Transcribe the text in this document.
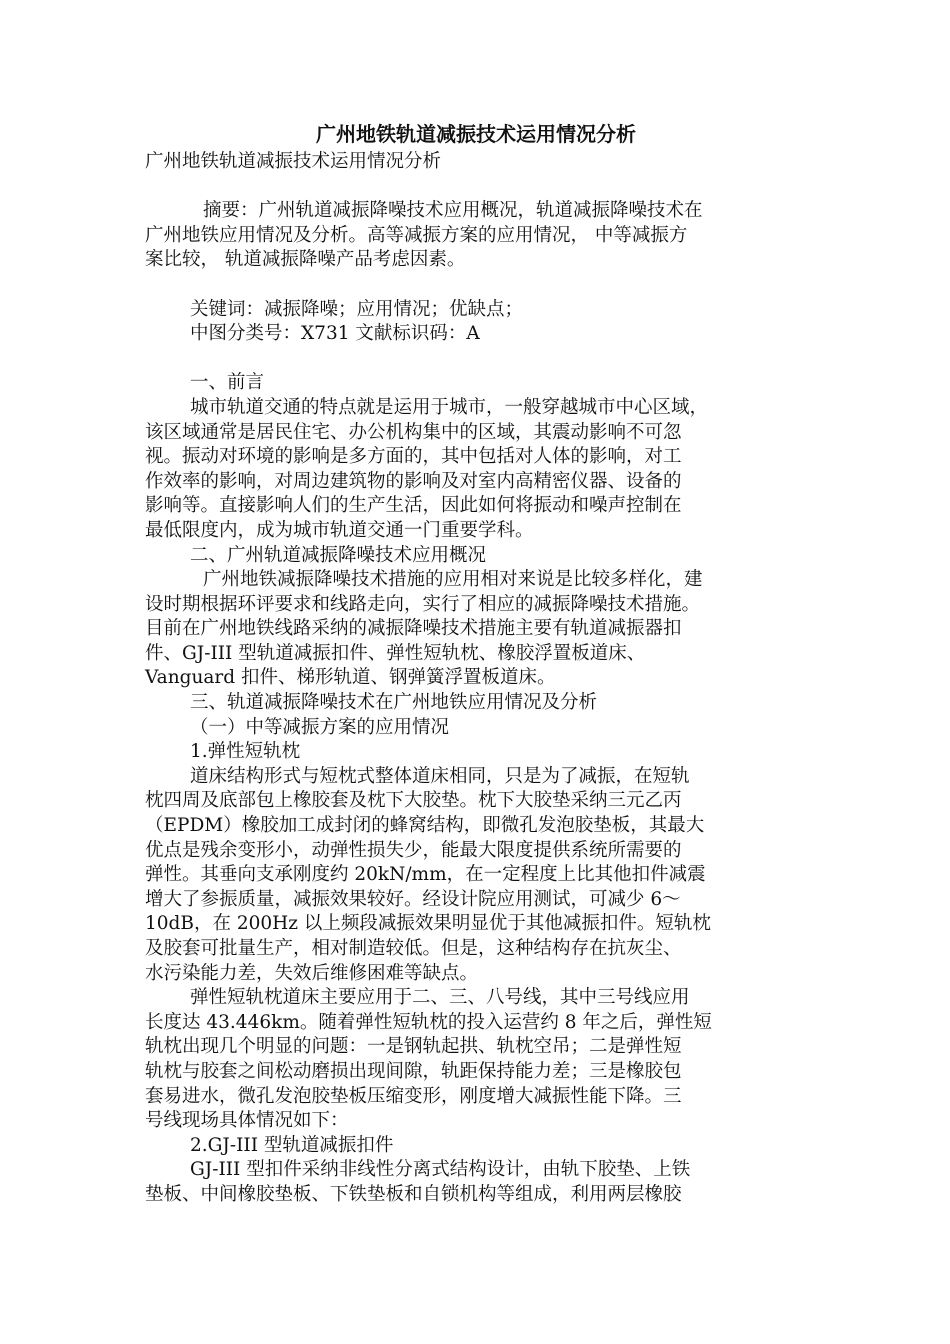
广州地铁轨道减振技术运用情况分析

广州地铁轨道减振技术运用情况分析

摘要：广州轨道减振降噪技术应用概况，轨道减振降噪技术在

广州地铁应用情况及分析。高等减振方案的应用情况， 中等减振方

案比较， 轨道减振降噪产品考虑因素。

关键词：减振降噪；应用情况；优缺点；

中图分类号：X731 文献标识码：A

一、前言

城市轨道交通的特点就是运用于城市，一般穿越城市中心区域，

该区域通常是居民住宅、办公机构集中的区域，其震动影响不可忽

视。振动对环境的影响是多方面的，其中包括对人体的影响，对工

作效率的影响，对周边建筑物的影响及对室内高精密仪器、设备的

影响等。直接影响人们的生产生活，因此如何将振动和噪声控制在

最低限度内，成为城市轨道交通一门重要学科。

二、广州轨道减振降噪技术应用概况

广州地铁减振降噪技术措施的应用相对来说是比较多样化，建

设时期根据环评要求和线路走向，实行了相应的减振降噪技术措施。

目前在广州地铁线路采纳的减振降噪技术措施主要有轨道减振器扣

件、GJ-III 型轨道减振扣件、弹性短轨枕、橡胶浮置板道床、

Vanguard 扣件、梯形轨道、钢弹簧浮置板道床。

三、轨道减振降噪技术在广州地铁应用情况及分析

（一）中等减振方案的应用情况

1.弹性短轨枕

道床结构形式与短枕式整体道床相同，只是为了减振，在短轨

枕四周及底部包上橡胶套及枕下大胶垫。枕下大胶垫采纳三元乙丙

（EPDM）橡胶加工成封闭的蜂窝结构，即微孔发泡胶垫板，其最大

优点是残余变形小，动弹性损失少，能最大限度提供系统所需要的

弹性。其垂向支承刚度约 20kN/mm，在一定程度上比其他扣件减震

增大了参振质量，减振效果较好。经设计院应用测试，可减少 6～

10dB，在 200Hz 以上频段减振效果明显优于其他减振扣件。短轨枕

及胶套可批量生产，相对制造较低。但是，这种结构存在抗灰尘、

水污染能力差，失效后维修困难等缺点。

弹性短轨枕道床主要应用于二、三、八号线，其中三号线应用

长度达 43.446km。随着弹性短轨枕的投入运营约 8 年之后，弹性短

轨枕出现几个明显的问题：一是钢轨起拱、轨枕空吊；二是弹性短

轨枕与胶套之间松动磨损出现间隙，轨距保持能力差；三是橡胶包

套易进水，微孔发泡胶垫板压缩变形，刚度增大减振性能下降。三

号线现场具体情况如下：

2.GJ-III 型轨道减振扣件

GJ-III 型扣件采纳非线性分离式结构设计，由轨下胶垫、上铁

垫板、中间橡胶垫板、下铁垫板和自锁机构等组成，利用两层橡胶
